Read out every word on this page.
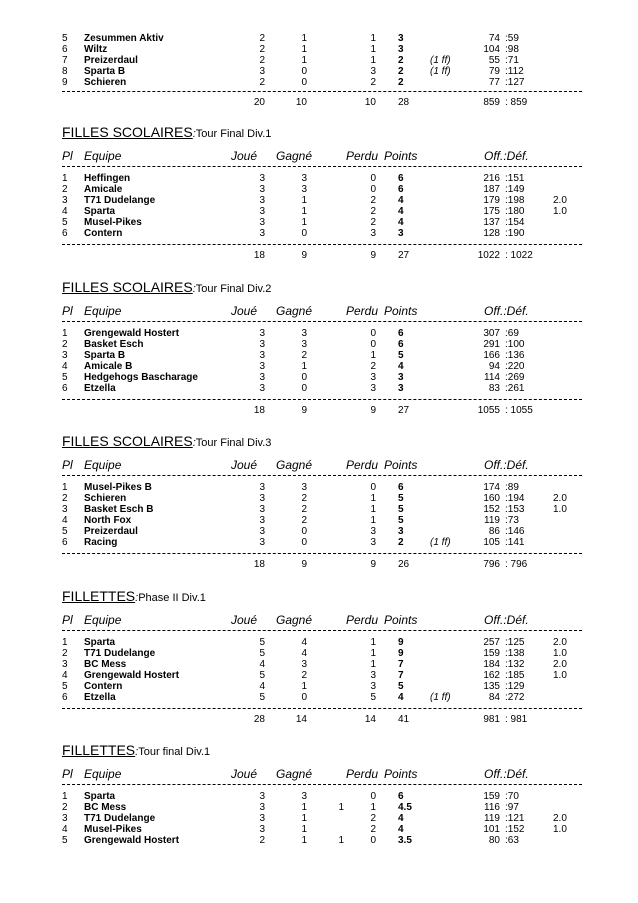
5 Zesummen Aktiv	2	1	1 3	74 :59
6 Wiltz	2	1	1 3	104 :98
7 Preizerdaul	2	1	1 2	(1 ff)	55 :71
8 Sparta B	3	0	3 2	(1 ff)	79 :112
9 Schieren	2	0	2 2	77 :127
20	10	10 28	859 : 859
FILLES SCOLAIRES:Tour Final Div.1
Pl Equipe	Joué Gagné	Perdu Points	Off.:Déf.
1 Heffingen	3	3	0 6	216 :151
2 Amicale	3	3	0 6	187 :149
3 T71 Dudelange	3	1	2 4	179 :198	2.0
4 Sparta	3	1	2 4	175 :180	1.0
5 Musel-Pikes	3	1	2 4	137 :154
6 Contern	3	0	3 3	128 :190
18	9	9 27	1022 : 1022
FILLES SCOLAIRES:Tour Final Div.2
Pl Equipe	Joué Gagné	Perdu Points	Off.:Déf.
1 Grengewald Hostert	3	3	0 6	307 :69
2 Basket Esch	3	3	0 6	291 :100
3 Sparta B	3	2	1 5	166 :136
4 Amicale B	3	1	2 4	94 :220
5 Hedgehogs Bascharage	3	0	3 3	114 :269
6 Etzella	3	0	3 3	83 :261
18	9	9 27	1055 : 1055
FILLES SCOLAIRES:Tour Final Div.3
Pl Equipe	Joué Gagné	Perdu Points	Off.:Déf.
1 Musel-Pikes B	3	3	0 6	174 :89
2 Schieren	3	2	1 5	160 :194	2.0
3 Basket Esch B	3	2	1 5	152 :153	1.0
4 North Fox	3	2	1 5	119 :73
5 Preizerdaul	3	0	3 3	86 :146
6 Racing	3	0	3 2	(1 ff)	105 :141
18	9	9 26	796 : 796
FILLETTES:Phase II Div.1
Pl Equipe	Joué Gagné	Perdu Points	Off.:Déf.
1 Sparta	5	4	1 9	257 :125	2.0
2 T71 Dudelange	5	4	1 9	159 :138	1.0
3 BC Mess	4	3	1 7	184 :132	2.0
4 Grengewald Hostert	5	2	3 7	162 :185	1.0
5 Contern	4	1	3 5	135 :129
6 Etzella	5	0	5 4	(1 ff)	84 :272
28	14	14 41	981 : 981
FILLETTES:Tour final Div.1
Pl Equipe	Joué Gagné	Perdu Points	Off.:Déf.
1 Sparta	3	3	0 6	159 :70
2 BC Mess	3	1	1	1 4.5	116 :97
3 T71 Dudelange	3	1	2 4	119 :121	2.0
4 Musel-Pikes	3	1	2 4	101 :152	1.0
5 Grengewald Hostert	2	1	1	0 3.5	80 :63
